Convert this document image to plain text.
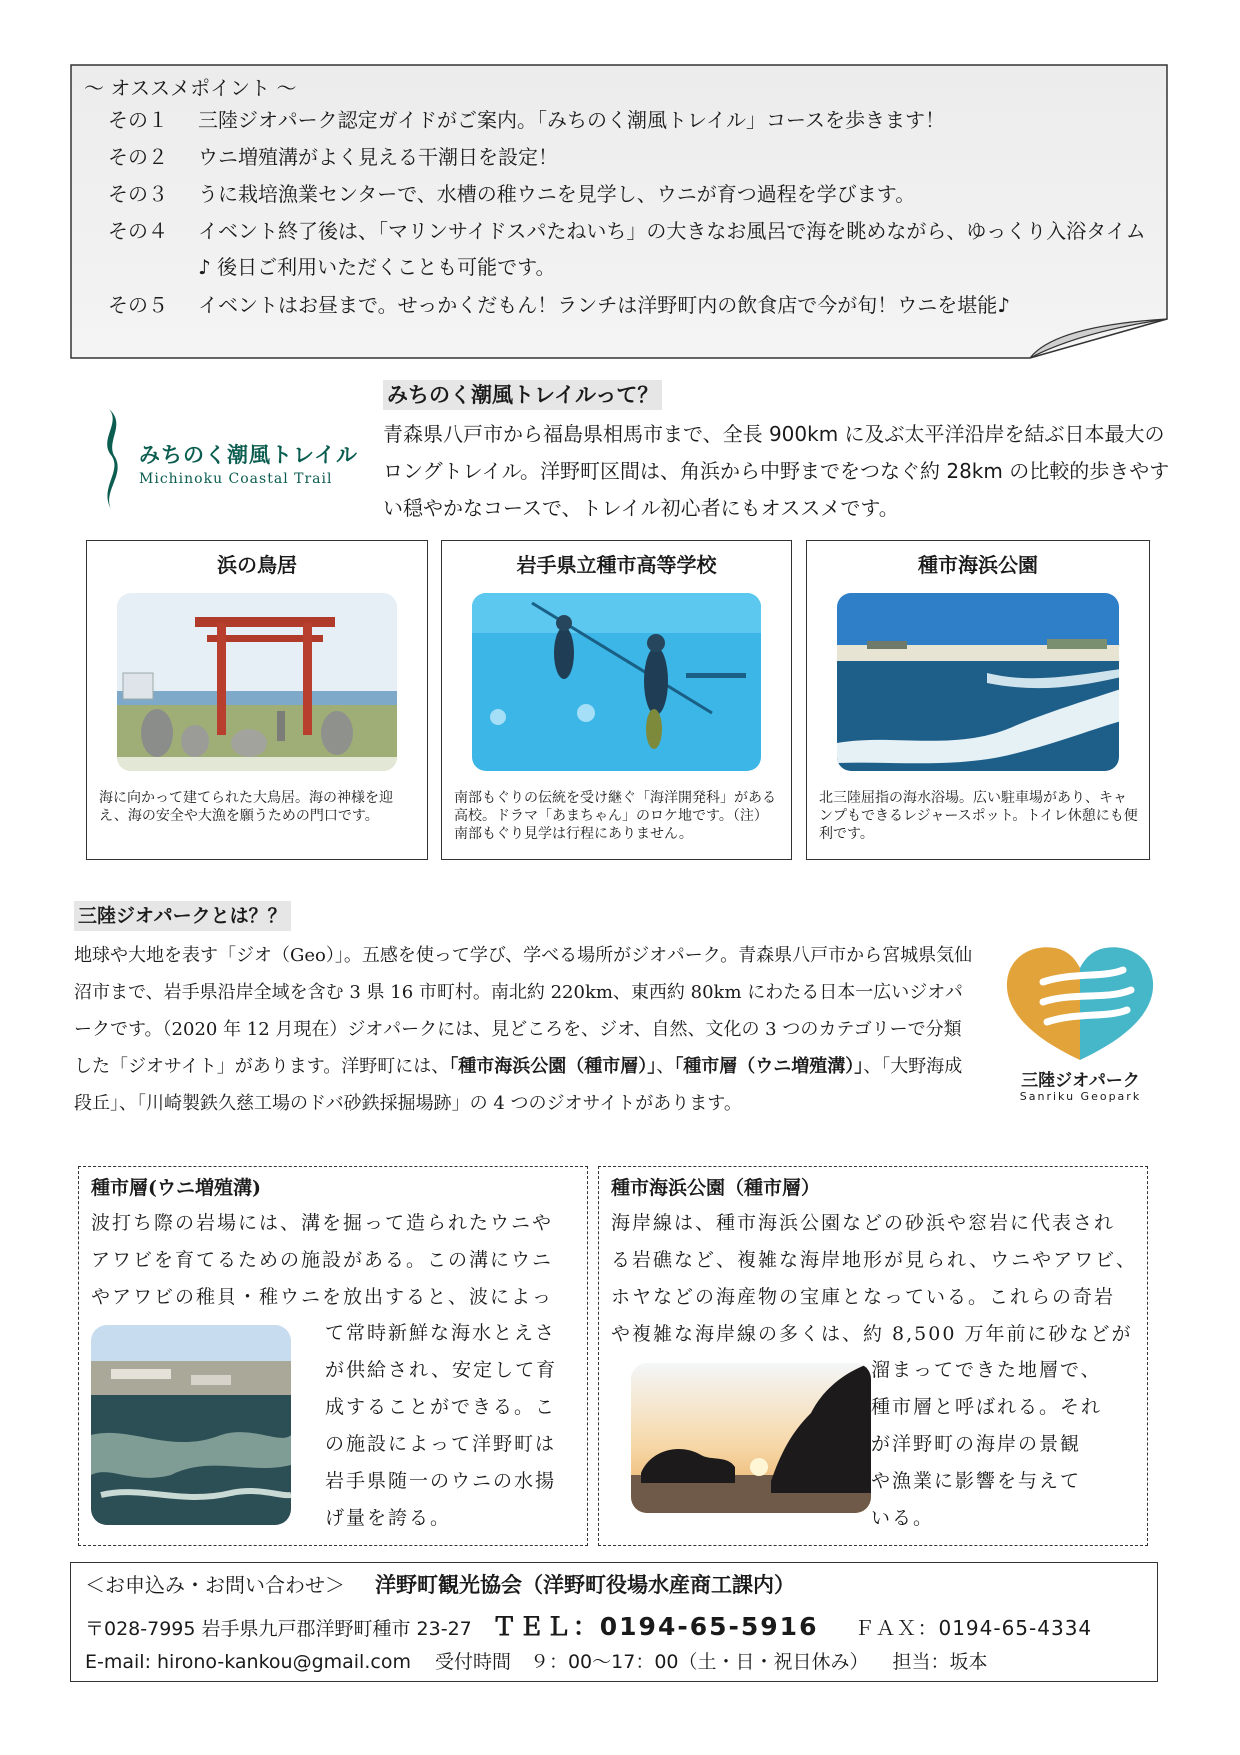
～ オススメポイント ～
その１ 三陸ジオパーク認定ガイドがご案内。「みちのく潮風トレイル」コースを歩きます！
その２ ウニ増殖溝がよく見える干潮日を設定！
その３ うに栽培漁業センターで、水槽の稚ウニを見学し、ウニが育つ過程を学びます。
その４ イベント終了後は、「マリンサイドスパたねいち」の大きなお風呂で海を眺めながら、ゆっくり入浴タイム♪ 後日ご利用いただくことも可能です。
その５ イベントはお昼まで。せっかくだもん！ランチは洋野町内の飲食店で今が旬！ウニを堪能♪
みちのく潮風トレイル
Michinoku Coastal Trail
みちのく潮風トレイルって？
青森県八戸市から福島県相馬市まで、全長 900km に及ぶ太平洋沿岸を結ぶ日本最大のロングトレイル。洋野町区間は、角浜から中野までをつなぐ約 28km の比較的歩きやすい穏やかなコースで、トレイル初心者にもオススメです。
浜の鳥居
海に向かって建てられた大鳥居。海の神様を迎え、海の安全や大漁を願うための門口です。
岩手県立種市高等学校
南部もぐりの伝統を受け継ぐ「海洋開発科」がある高校。ドラマ「あまちゃん」のロケ地です。（注）南部もぐり見学は行程にありません。
種市海浜公園
北三陸屈指の海水浴場。広い駐車場があり、キャンプもできるレジャースポット。トイレ休憩にも便利です。
三陸ジオパークとは？？
地球や大地を表す「ジオ（Geo）」。五感を使って学び、学べる場所がジオパーク。青森県八戸市から宮城県気仙沼市まで、岩手県沿岸全域を含む 3 県 16 市町村。南北約 220km、東西約 80km にわたる日本一広いジオパークです。（2020 年 12 月現在）ジオパークには、見どころを、ジオ、自然、文化の 3 つのカテゴリーで分類した「ジオサイト」があります。洋野町には、「種市海浜公園（種市層）」、「種市層（ウニ増殖溝）」、「大野海成段丘」、「川崎製鉄久慈工場のドバ砂鉄採掘場跡」の 4 つのジオサイトがあります。
三陸ジオパーク
Sanriku Geopark
種市層(ウニ増殖溝)
波打ち際の岩場には、溝を掘って造られたウニや
アワビを育てるための施設がある。この溝にウニ
やアワビの稚貝・稚ウニを放出すると、波によっ
て常時新鮮な海水とえさ
が供給され、安定して育
成することができる。こ
の施設によって洋野町は
岩手県随一のウニの水揚
げ量を誇る。
種市海浜公園（種市層）
海岸線は、種市海浜公園などの砂浜や窓岩に代表され
る岩礁など、複雑な海岸地形が見られ、ウニやアワビ、
ホヤなどの海産物の宝庫となっている。これらの奇岩
や複雑な海岸線の多くは、約 8,500 万年前に砂などが
溜まってできた地層で、
種市層と呼ばれる。それ
が洋野町の海岸の景観
や漁業に影響を与えて
いる。
＜お申込み・お問い合わせ＞ 洋野町観光協会（洋野町役場水産商工課内）
〒028-7995 岩手県九戸郡洋野町種市 23-27 ＴＥＬ：0194-65-5916 ＦＡＸ：0194-65-4334
E-mail: hirono-kankou@gmail.com 受付時間　９：00～17：00（土・日・祝日休み） 担当：坂本
